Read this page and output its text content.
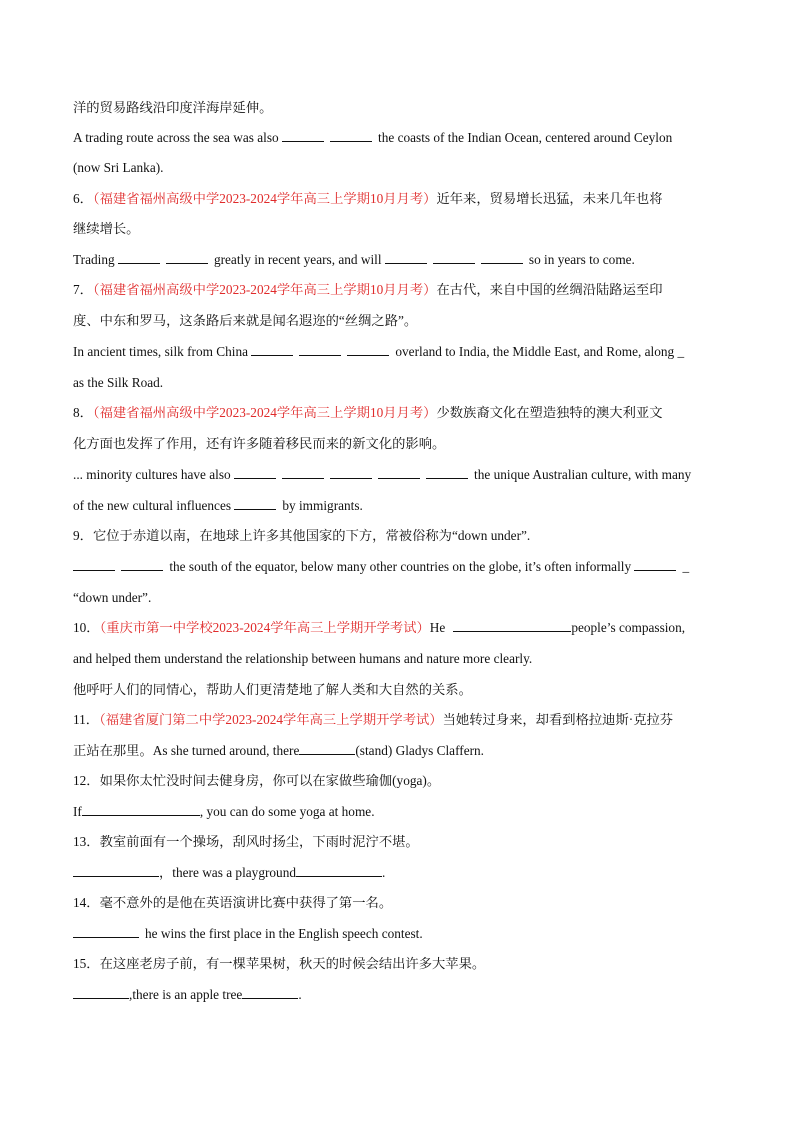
洋的贸易路线沿印度洋海岸延伸。
A trading route across the sea was also	the coasts of the Indian Ocean, centered around Ceylon
(now Sri Lanka).
6．（福建省福州高级中学2023-2024学年高三上学期10月月考）近年来，贸易增长迅猛，未来几年也将
继续增长。
Trading	greatly in recent years, and will	so in years to come.
7．（福建省福州高级中学2023-2024学年高三上学期10月月考）在古代，来自中国的丝绸沿陆路运至印
度、中东和罗马，这条路后来就是闻名遐迩的“丝绸之路”。
In ancient times, silk from China	overland to India, the Middle East, and Rome, along _
as the Silk Road.
8．（福建省福州高级中学2023-2024学年高三上学期10月月考）少数族裔文化在塑造独特的澳大利亚文
化方面也发挥了作用，还有许多随着移民而来的新文化的影响。
... minority cultures have also	the unique Australian culture, with many
of the new cultural influences	by immigrants.
9．它位于赤道以南，在地球上许多其他国家的下方，常被俗称为“down under”.
the south of the equator, below many other countries on the globe, it’s often informally	_
“down under”.
10．（重庆市第一中学校2023-2024学年高三上学期开学考试）He	people’s compassion,
and helped them understand the relationship between humans and nature more clearly.
他呼吁人们的同情心，帮助人们更清楚地了解人类和大自然的关系。
11．（福建省厦门第二中学2023-2024学年高三上学期开学考试）当她转过身来，却看到格拉迪斯·克拉芬
正站在那里。As she turned around, there	(stand) Gladys Claffern.
12．如果你太忙没时间去健身房，你可以在家做些瑜伽(yoga)。
If	, you can do some yoga at home.
13．教室前面有一个操场，刮风时扬尘，下雨时泥泞不堪。
，there was a playground	.
14．毫不意外的是他在英语演讲比赛中获得了第一名。
he wins the first place in the English speech contest.
15．在这座老房子前，有一棵苹果树，秋天的时候会结出许多大苹果。
,there is an apple tree	.
